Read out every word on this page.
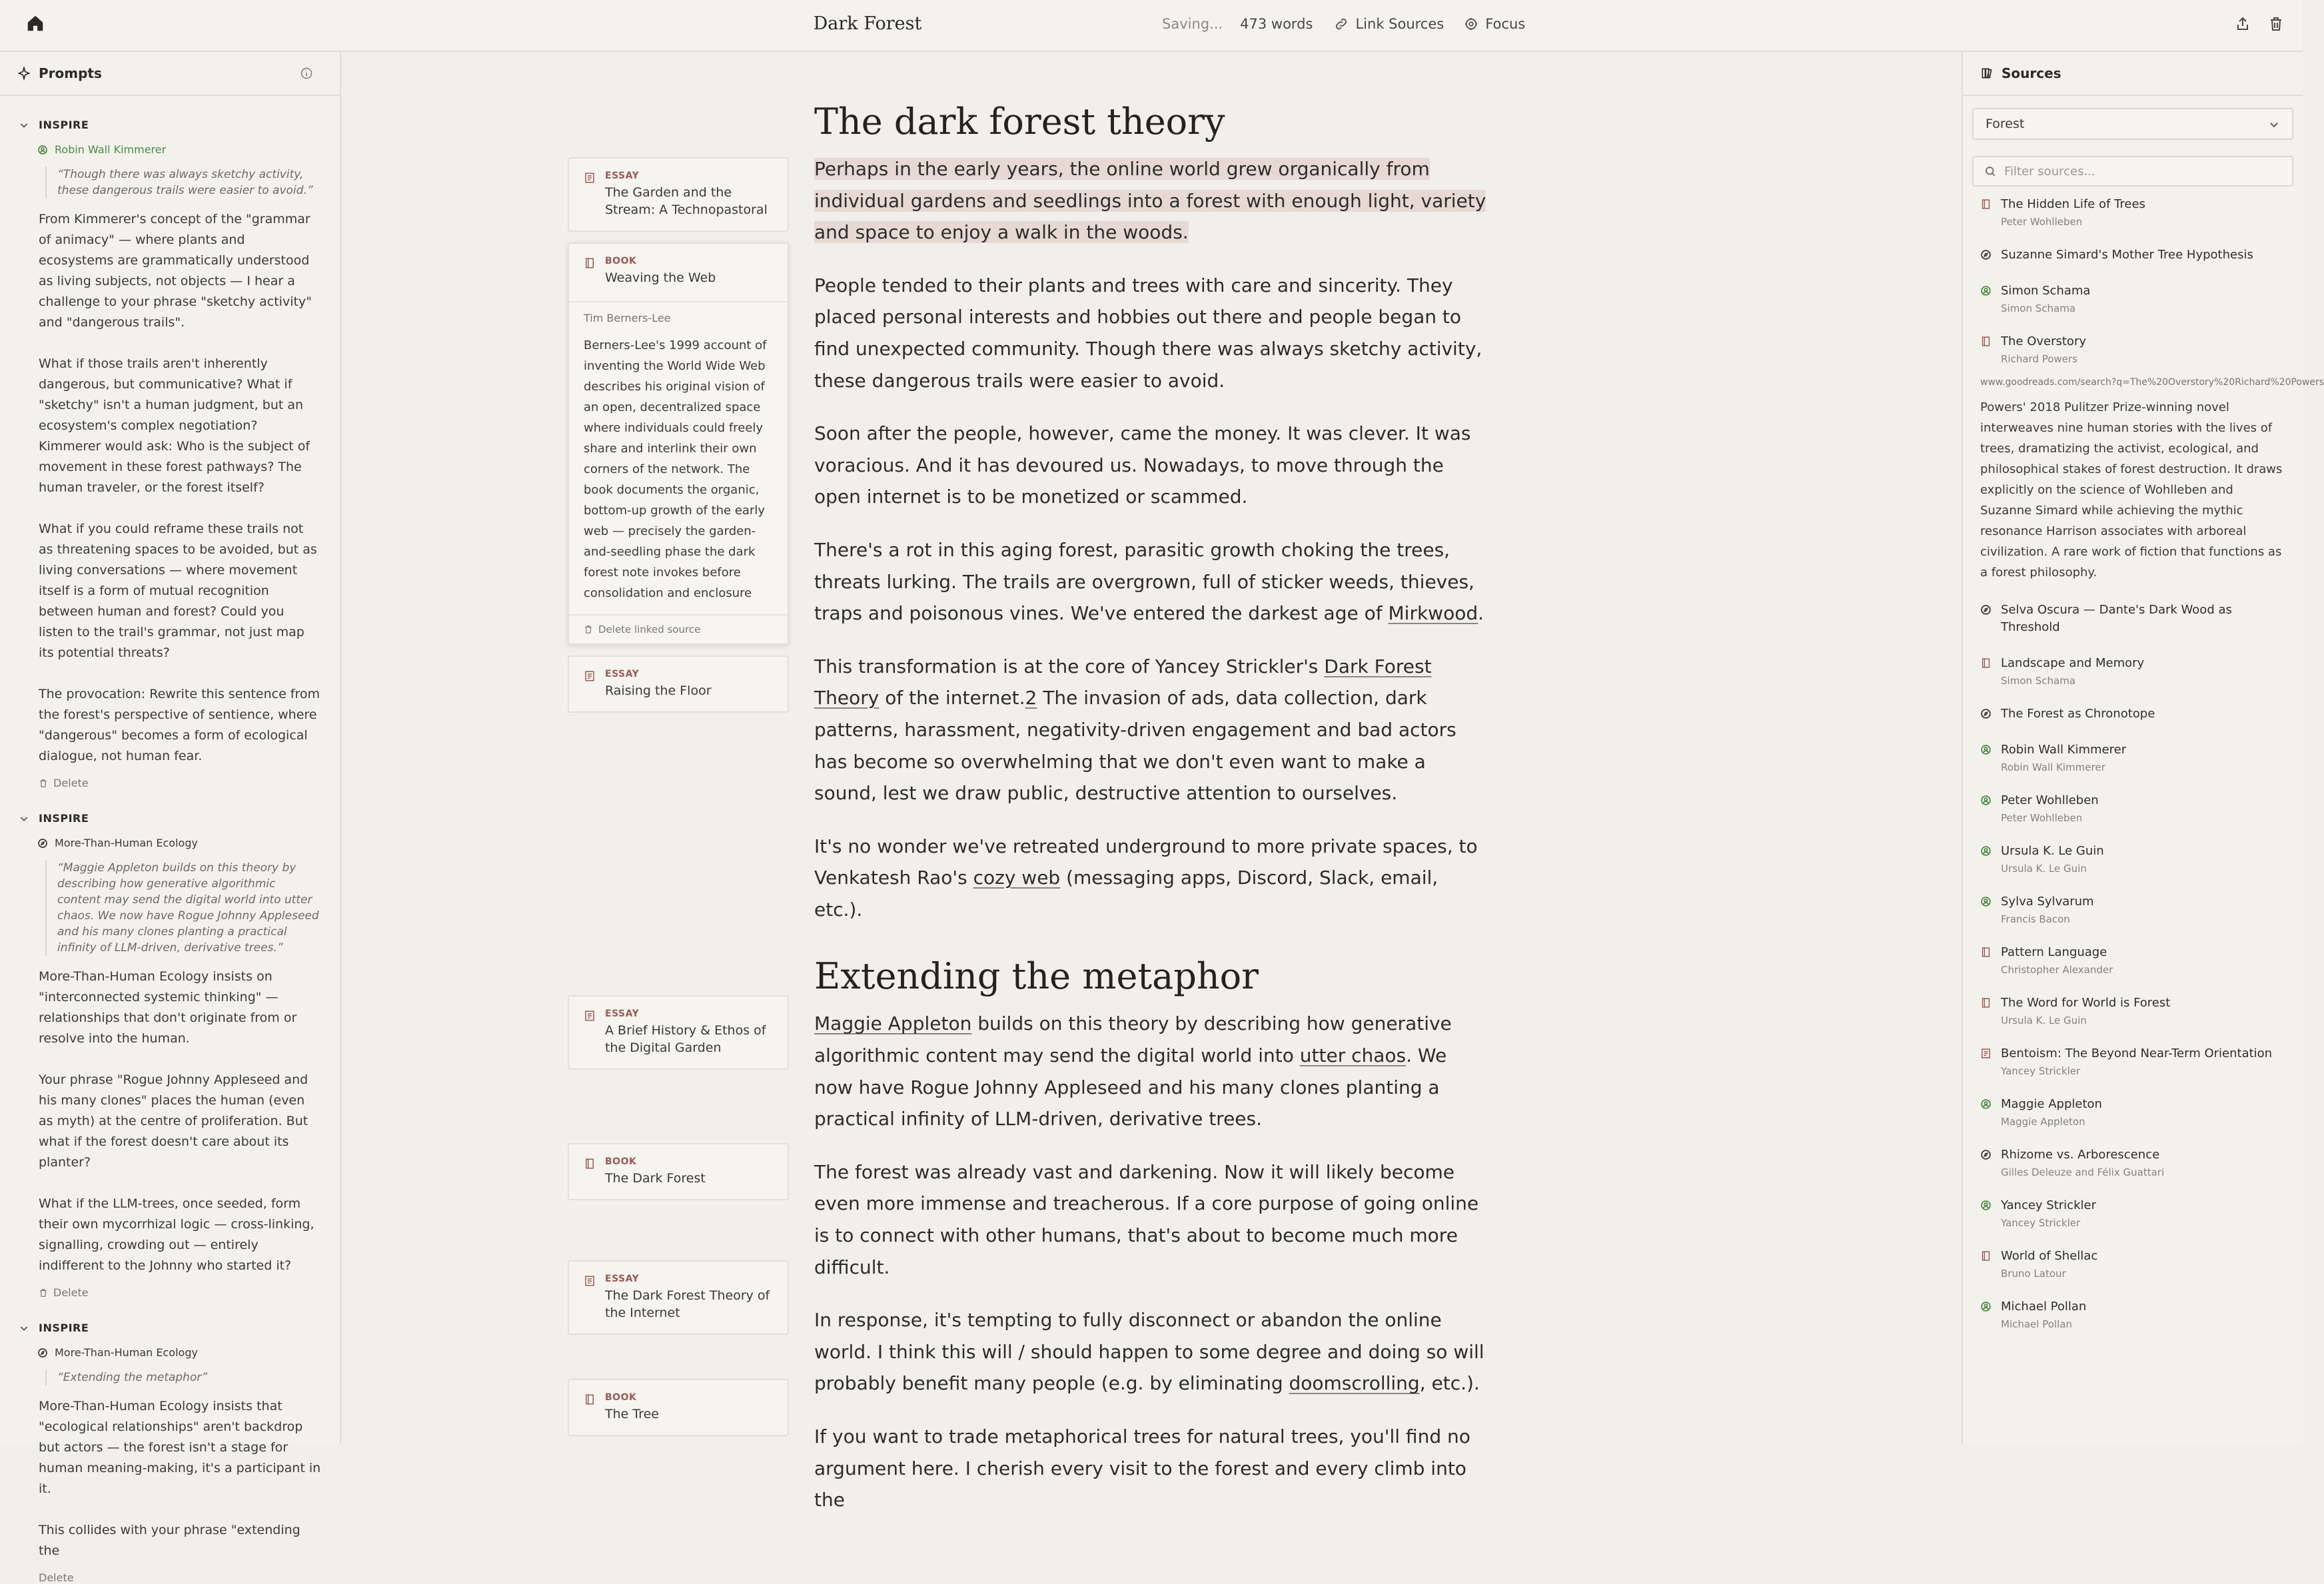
Dark Forest	Saving... 473 words	Link Sources	Focus
Prompts
INSPIRE
Robin Wall Kimmerer
“Though there was always sketchy activity, these dangerous trails were easier to avoid.”

From Kimmerer's concept of the "grammar of animacy" — where plants and ecosystems are grammatically understood as living subjects, not objects — I hear a challenge to your phrase "sketchy activity" and "dangerous trails".

What if those trails aren't inherently dangerous, but communicative? What if "sketchy" isn't a human judgment, but an ecosystem's complex negotiation? Kimmerer would ask: Who is the subject of movement in these forest pathways? The human traveler, or the forest itself?

What if you could reframe these trails not as threatening spaces to be avoided, but as living conversations — where movement itself is a form of mutual recognition between human and forest? Could you listen to the trail's grammar, not just map its potential threats?

The provocation: Rewrite this sentence from the forest's perspective of sentience, where "dangerous" becomes a form of ecological dialogue, not human fear.

Delete
INSPIRE
More-Than-Human Ecology
“Maggie Appleton builds on this theory by describing how generative algorithmic content may send the digital world into utter chaos. We now have Rogue Johnny Appleseed and his many clones planting a practical infinity of LLM-driven, derivative trees.”

More-Than-Human Ecology insists on "interconnected systemic thinking" — relationships that don't originate from or resolve into the human.

Your phrase "Rogue Johnny Appleseed and his many clones" places the human (even as myth) at the centre of proliferation. But what if the forest doesn't care about its planter?

What if the LLM-trees, once seeded, form their own mycorrhizal logic — cross-linking, signalling, crowding out — entirely indifferent to the Johnny who started it?

Delete
INSPIRE
More-Than-Human Ecology
“Extending the metaphor”

More-Than-Human Ecology insists that "ecological relationships" aren't backdrop but actors — the forest isn't a stage for human meaning-making, it's a participant in it.

This collides with your phrase "extending the

Delete
ESSAY
The Garden and the Stream: A Technopastoral
BOOK
Weaving the Web
Tim Berners-Lee
Berners-Lee's 1999 account of inventing the World Wide Web describes his original vision of an open, decentralized space where individuals could freely share and interlink their own corners of the network. The book documents the organic, bottom-up growth of the early web — precisely the garden-and-seedling phase the dark forest note invokes before consolidation and enclosure
Delete linked source
ESSAY
Raising the Floor
ESSAY
A Brief History & Ethos of the Digital Garden
BOOK
The Dark Forest
ESSAY
The Dark Forest Theory of the Internet
BOOK
The Tree
The dark forest theory

Perhaps in the early years, the online world grew organically from individual gardens and seedlings into a forest with enough light, variety and space to enjoy a walk in the woods.

People tended to their plants and trees with care and sincerity. They placed personal interests and hobbies out there and people began to find unexpected community. Though there was always sketchy activity, these dangerous trails were easier to avoid.

Soon after the people, however, came the money. It was clever. It was voracious. And it has devoured us. Nowadays, to move through the open internet is to be monetized or scammed.

There's a rot in this aging forest, parasitic growth choking the trees, threats lurking. The trails are overgrown, full of sticker weeds, thieves, traps and poisonous vines. We've entered the darkest age of Mirkwood.

This transformation is at the core of Yancey Strickler's Dark Forest Theory of the internet.2 The invasion of ads, data collection, dark patterns, harassment, negativity-driven engagement and bad actors has become so overwhelming that we don't even want to make a sound, lest we draw public, destructive attention to ourselves.

It's no wonder we've retreated underground to more private spaces, to Venkatesh Rao's cozy web (messaging apps, Discord, Slack, email, etc.).

Extending the metaphor

Maggie Appleton builds on this theory by describing how generative algorithmic content may send the digital world into utter chaos. We now have Rogue Johnny Appleseed and his many clones planting a practical infinity of LLM-driven, derivative trees.

The forest was already vast and darkening. Now it will likely become even more immense and treacherous. If a core purpose of going online is to connect with other humans, that's about to become much more difficult.

In response, it's tempting to fully disconnect or abandon the online world. I think this will / should happen to some degree and doing so will probably benefit many people (e.g. by eliminating doomscrolling, etc.).

If you want to trade metaphorical trees for natural trees, you'll find no argument here. I cherish every visit to the forest and every climb into the

Sources
Forest
Filter sources...
The Hidden Life of Trees
Peter Wohlleben
Suzanne Simard's Mother Tree Hypothesis
Simon Schama
Simon Schama
The Overstory
Richard Powers
www.goodreads.com/search?q=The%20Overstory%20Richard%20Powers
Powers' 2018 Pulitzer Prize-winning novel interweaves nine human stories with the lives of trees, dramatizing the activist, ecological, and philosophical stakes of forest destruction. It draws explicitly on the science of Wohlleben and Suzanne Simard while achieving the mythic resonance Harrison associates with arboreal civilization. A rare work of fiction that functions as a forest philosophy.
Selva Oscura — Dante's Dark Wood as Threshold
Landscape and Memory
Simon Schama
The Forest as Chronotope
Robin Wall Kimmerer
Robin Wall Kimmerer
Peter Wohlleben
Peter Wohlleben
Ursula K. Le Guin
Ursula K. Le Guin
Sylva Sylvarum
Francis Bacon
Pattern Language
Christopher Alexander
The Word for World is Forest
Ursula K. Le Guin
Bentoism: The Beyond Near-Term Orientation
Yancey Strickler
Maggie Appleton
Maggie Appleton
Rhizome vs. Arborescence
Gilles Deleuze and Félix Guattari
Yancey Strickler
Yancey Strickler
World of Shellac
Bruno Latour
Michael Pollan
Michael Pollan
